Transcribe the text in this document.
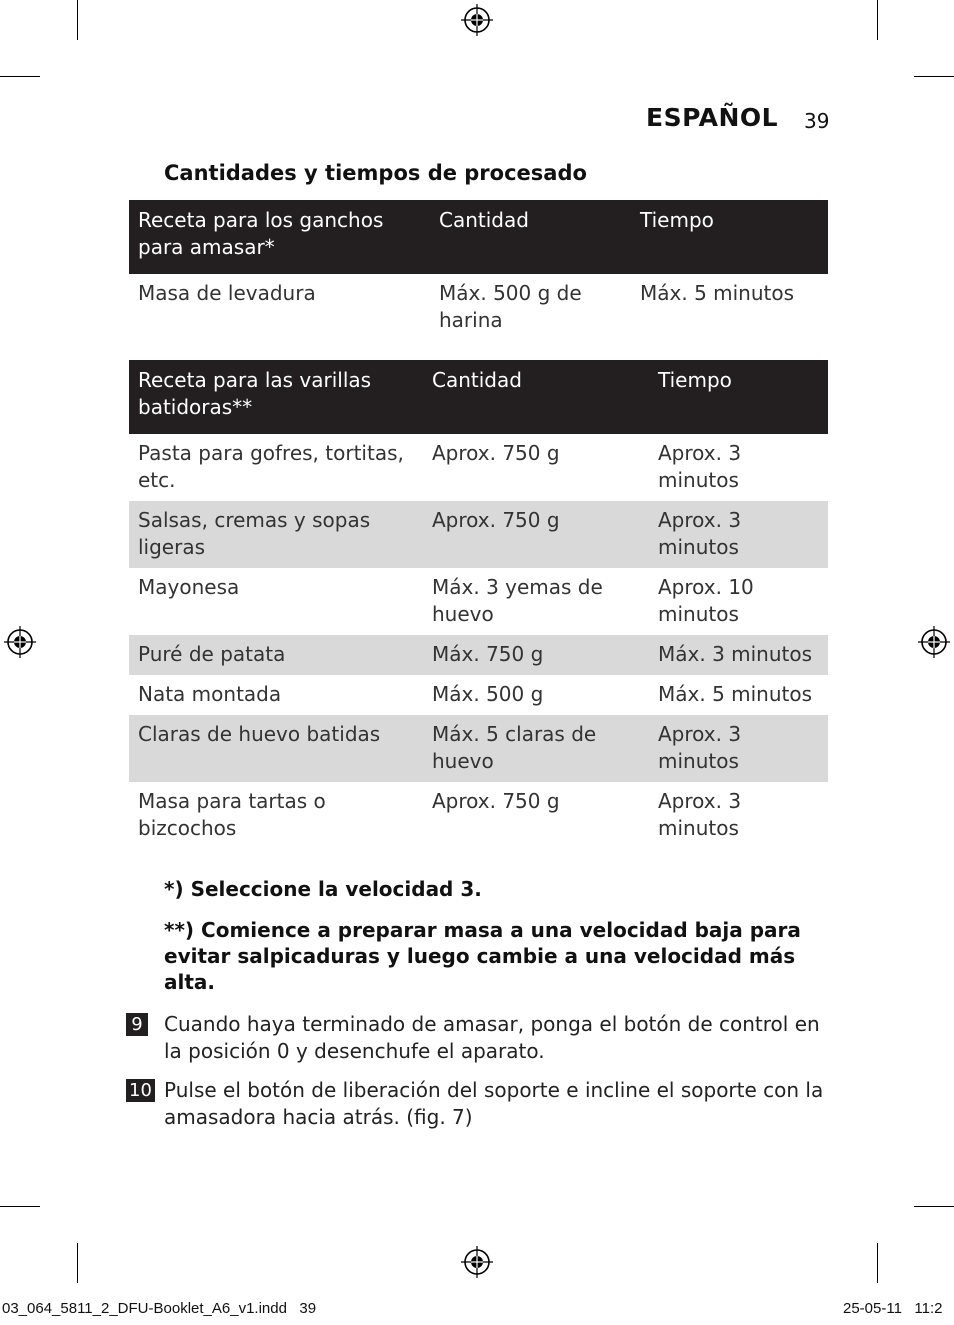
ESPAÑOL 39
Cantidades y tiempos de procesado
Receta para los ganchos para amasar*	Cantidad	Tiempo
Masa de levadura	Máx. 500 g de harina	Máx. 5 minutos
Receta para las varillas batidoras**	Cantidad	Tiempo
Pasta para gofres, tortitas, etc.	Aprox. 750 g	Aprox. 3 minutos
Salsas, cremas y sopas ligeras	Aprox. 750 g	Aprox. 3 minutos
Mayonesa	Máx. 3 yemas de huevo	Aprox. 10 minutos
Puré de patata	Máx. 750 g	Máx. 3 minutos
Nata montada	Máx. 500 g	Máx. 5 minutos
Claras de huevo batidas	Máx. 5 claras de huevo	Aprox. 3 minutos
Masa para tartas o bizcochos	Aprox. 750 g	Aprox. 3 minutos
*) Seleccione la velocidad 3.
**) Comience a preparar masa a una velocidad baja para evitar salpicaduras y luego cambie a una velocidad más alta.
9 Cuando haya terminado de amasar, ponga el botón de control en la posición 0 y desenchufe el aparato.
10 Pulse el botón de liberación del soporte e incline el soporte con la amasadora hacia atrás. (fig. 7)
03_064_5811_2_DFU-Booklet_A6_v1.indd   39	25-05-11   11:2
